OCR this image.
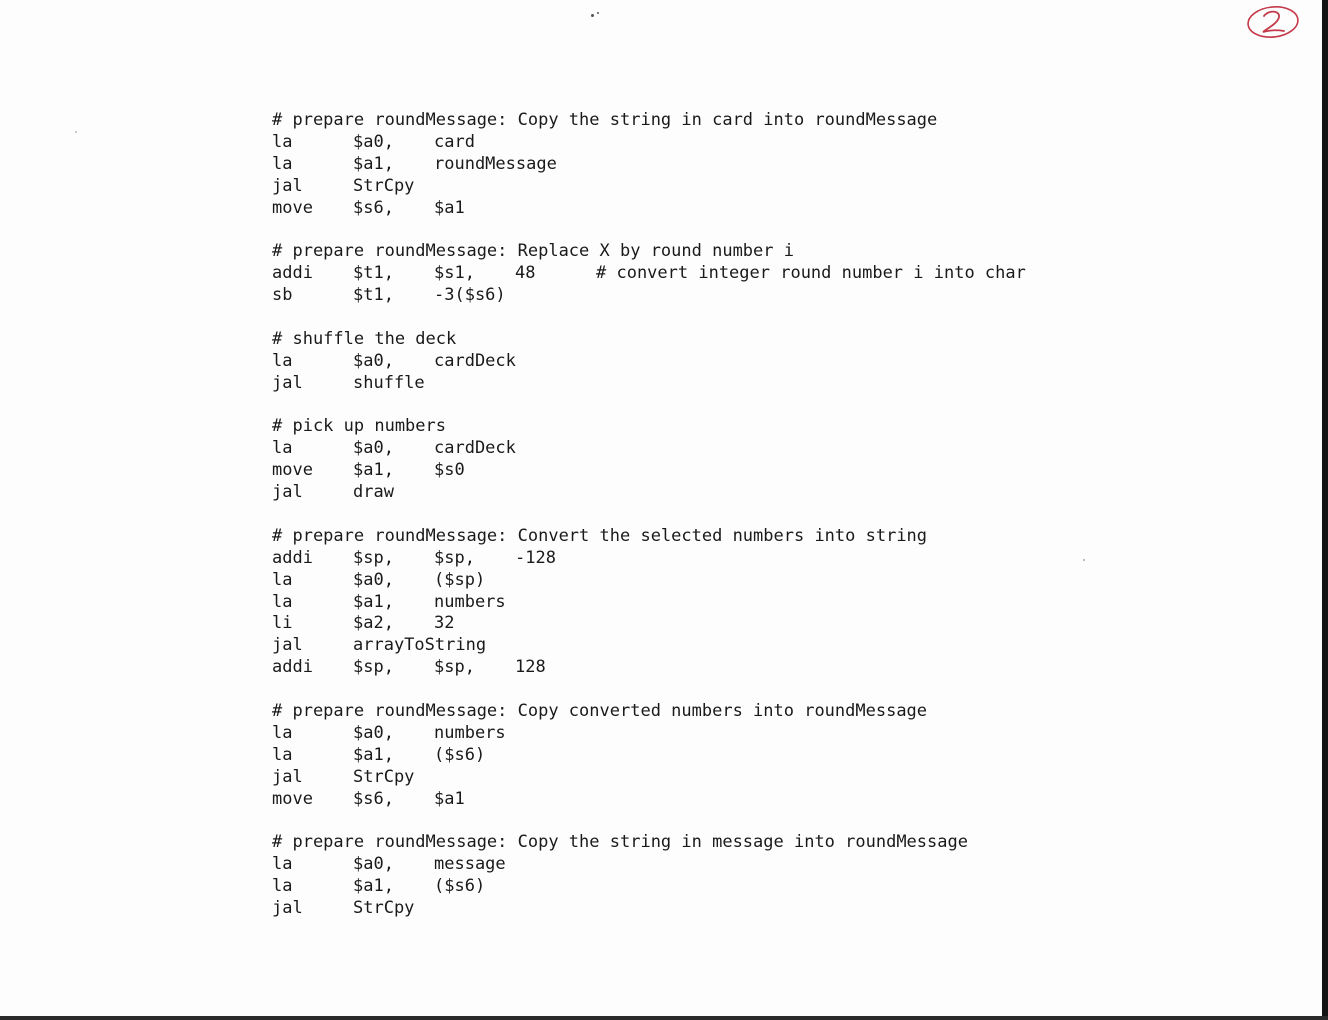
# prepare roundMessage: Copy the string in card into roundMessage
la	$a0,	card
la	$a1,	roundMessage
jal	StrCpy
move	$s6,	$a1
# prepare roundMessage: Replace X by round number i
addi	$t1,	$s1,	48	# convert integer round number i into char
sb	$t1,	-3($s6)
# shuffle the deck
la	$a0,	cardDeck
jal	shuffle
# pick up numbers
la	$a0,	cardDeck
move	$a1,	$s0
jal	draw
# prepare roundMessage: Convert the selected numbers into string
addi	$sp,	$sp,	-128
la	$a0,	($sp)
la	$a1,	numbers
li	$a2,	32
jal	arrayToString
addi	$sp,	$sp,	128
# prepare roundMessage: Copy converted numbers into roundMessage
la	$a0,	numbers
la	$a1,	($s6)
jal	StrCpy
move	$s6,	$a1
# prepare roundMessage: Copy the string in message into roundMessage
la	$a0,	message
la	$a1,	($s6)
jal	StrCpy
